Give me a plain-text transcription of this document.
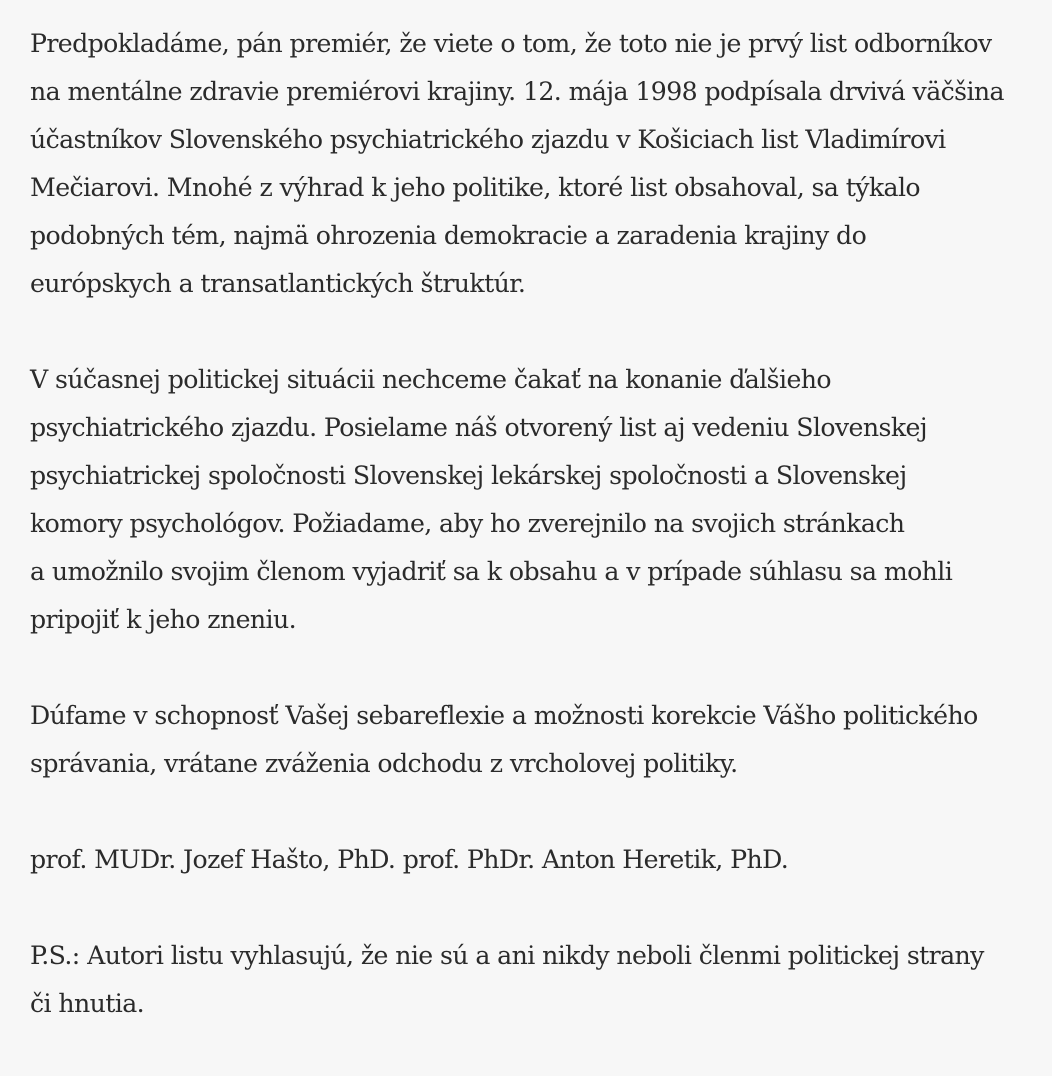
Predpokladáme, pán premiér, že viete o tom, že toto nie je prvý list odborníkov
na mentálne zdravie premiérovi krajiny. 12. mája 1998 podpísala drvivá väčšina
účastníkov Slovenského psychiatrického zjazdu v Košiciach list Vladimírovi
Mečiarovi. Mnohé z výhrad k jeho politike, ktoré list obsahoval, sa týkalo
podobných tém, najmä ohrozenia demokracie a zaradenia krajiny do
európskych a transatlantických štruktúr.

V súčasnej politickej situácii nechceme čakať na konanie ďalšieho
psychiatrického zjazdu. Posielame náš otvorený list aj vedeniu Slovenskej
psychiatrickej spoločnosti Slovenskej lekárskej spoločnosti a Slovenskej
komory psychológov. Požiadame, aby ho zverejnilo na svojich stránkach
a umožnilo svojim členom vyjadriť sa k obsahu a v prípade súhlasu sa mohli
pripojiť k jeho zneniu.

Dúfame v schopnosť Vašej sebareflexie a možnosti korekcie Vášho politického
správania, vrátane zváženia odchodu z vrcholovej politiky.

prof. MUDr. Jozef Hašto, PhD. prof. PhDr. Anton Heretik, PhD.

P.S.: Autori listu vyhlasujú, že nie sú a ani nikdy neboli členmi politickej strany
či hnutia.
